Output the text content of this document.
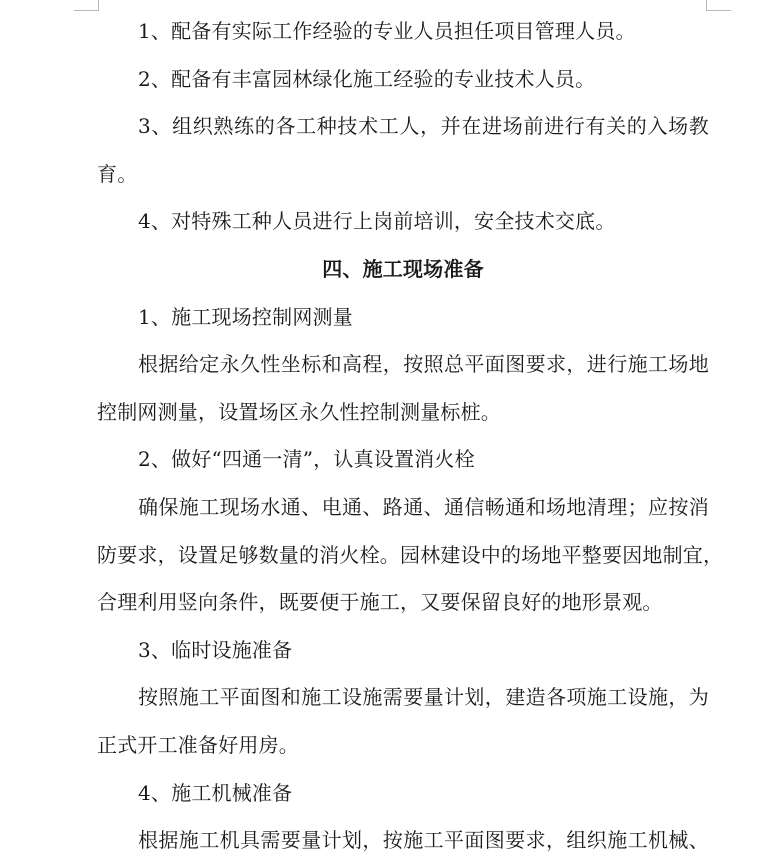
1、配备有实际工作经验的专业人员担任项目管理人员。
2、配备有丰富园林绿化施工经验的专业技术人员。
3、组织熟练的各工种技术工人，并在进场前进行有关的入场教
育。
4、对特殊工种人员进行上岗前培训，安全技术交底。
四、施工现场准备
1、施工现场控制网测量
根据给定永久性坐标和高程，按照总平面图要求，进行施工场地
控制网测量，设置场区永久性控制测量标桩。
2、做好“四通一清”，认真设置消火栓
确保施工现场水通、电通、路通、通信畅通和场地清理；应按消
防要求，设置足够数量的消火栓。园林建设中的场地平整要因地制宜，
合理利用竖向条件，既要便于施工，又要保留良好的地形景观。
3、临时设施准备
按照施工平面图和施工设施需要量计划，建造各项施工设施，为
正式开工准备好用房。
4、施工机械准备
根据施工机具需要量计划，按施工平面图要求，组织施工机械、
